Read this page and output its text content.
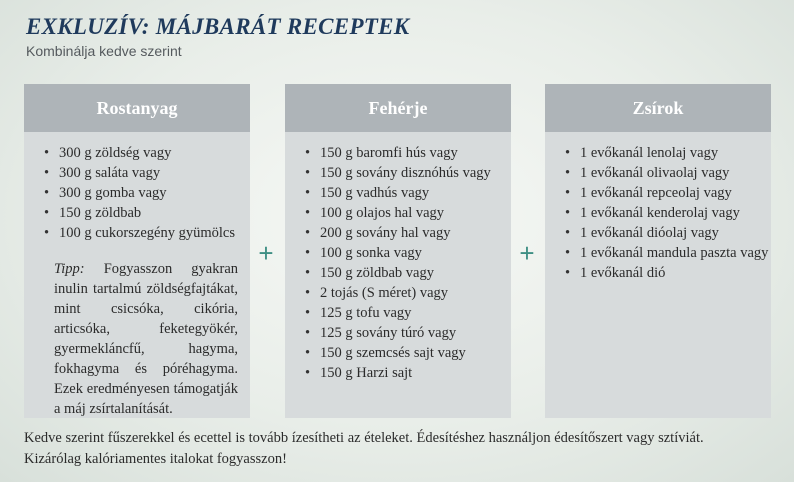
EXKLUZÍV: MÁJBARÁT RECEPTEK
Kombinálja kedve szerint
Rostanyag
• 300 g zöldség vagy
• 300 g saláta vagy
• 300 g gomba vagy
• 150 g zöldbab
• 100 g cukorszegény gyümölcs

Tipp: Fogyasszon gyakran inulin tartalmú zöldségfajtákat, mint csicsóka, cikória, articsóka, feketegyökér, gyermekláncfű, hagyma, fokhagyma és póréhagyma. Ezek eredményesen támogatják a máj zsírtalanítását.

+
Fehérje
• 150 g baromfi hús vagy
• 150 g sovány disznóhús vagy
• 150 g vadhús vagy
• 100 g olajos hal vagy
• 200 g sovány hal vagy
• 100 g sonka vagy
• 150 g zöldbab vagy
• 2 tojás (S méret) vagy
• 125 g tofu vagy
• 125 g sovány túró vagy
• 150 g szemcsés sajt vagy
• 150 g Harzi sajt
+
Zsírok
• 1 evőkanál lenolaj vagy
• 1 evőkanál olivaolaj vagy
• 1 evőkanál repceolaj vagy
• 1 evőkanál kenderolaj vagy
• 1 evőkanál dióolaj vagy
• 1 evőkanál mandula paszta vagy
• 1 evőkanál dió
Kedve szerint fűszerekkel és ecettel is tovább ízesítheti az ételeket. Édesítéshez használjon édesítőszert vagy sztíviát.
Kizárólag kalóriamentes italokat fogyasszon!
